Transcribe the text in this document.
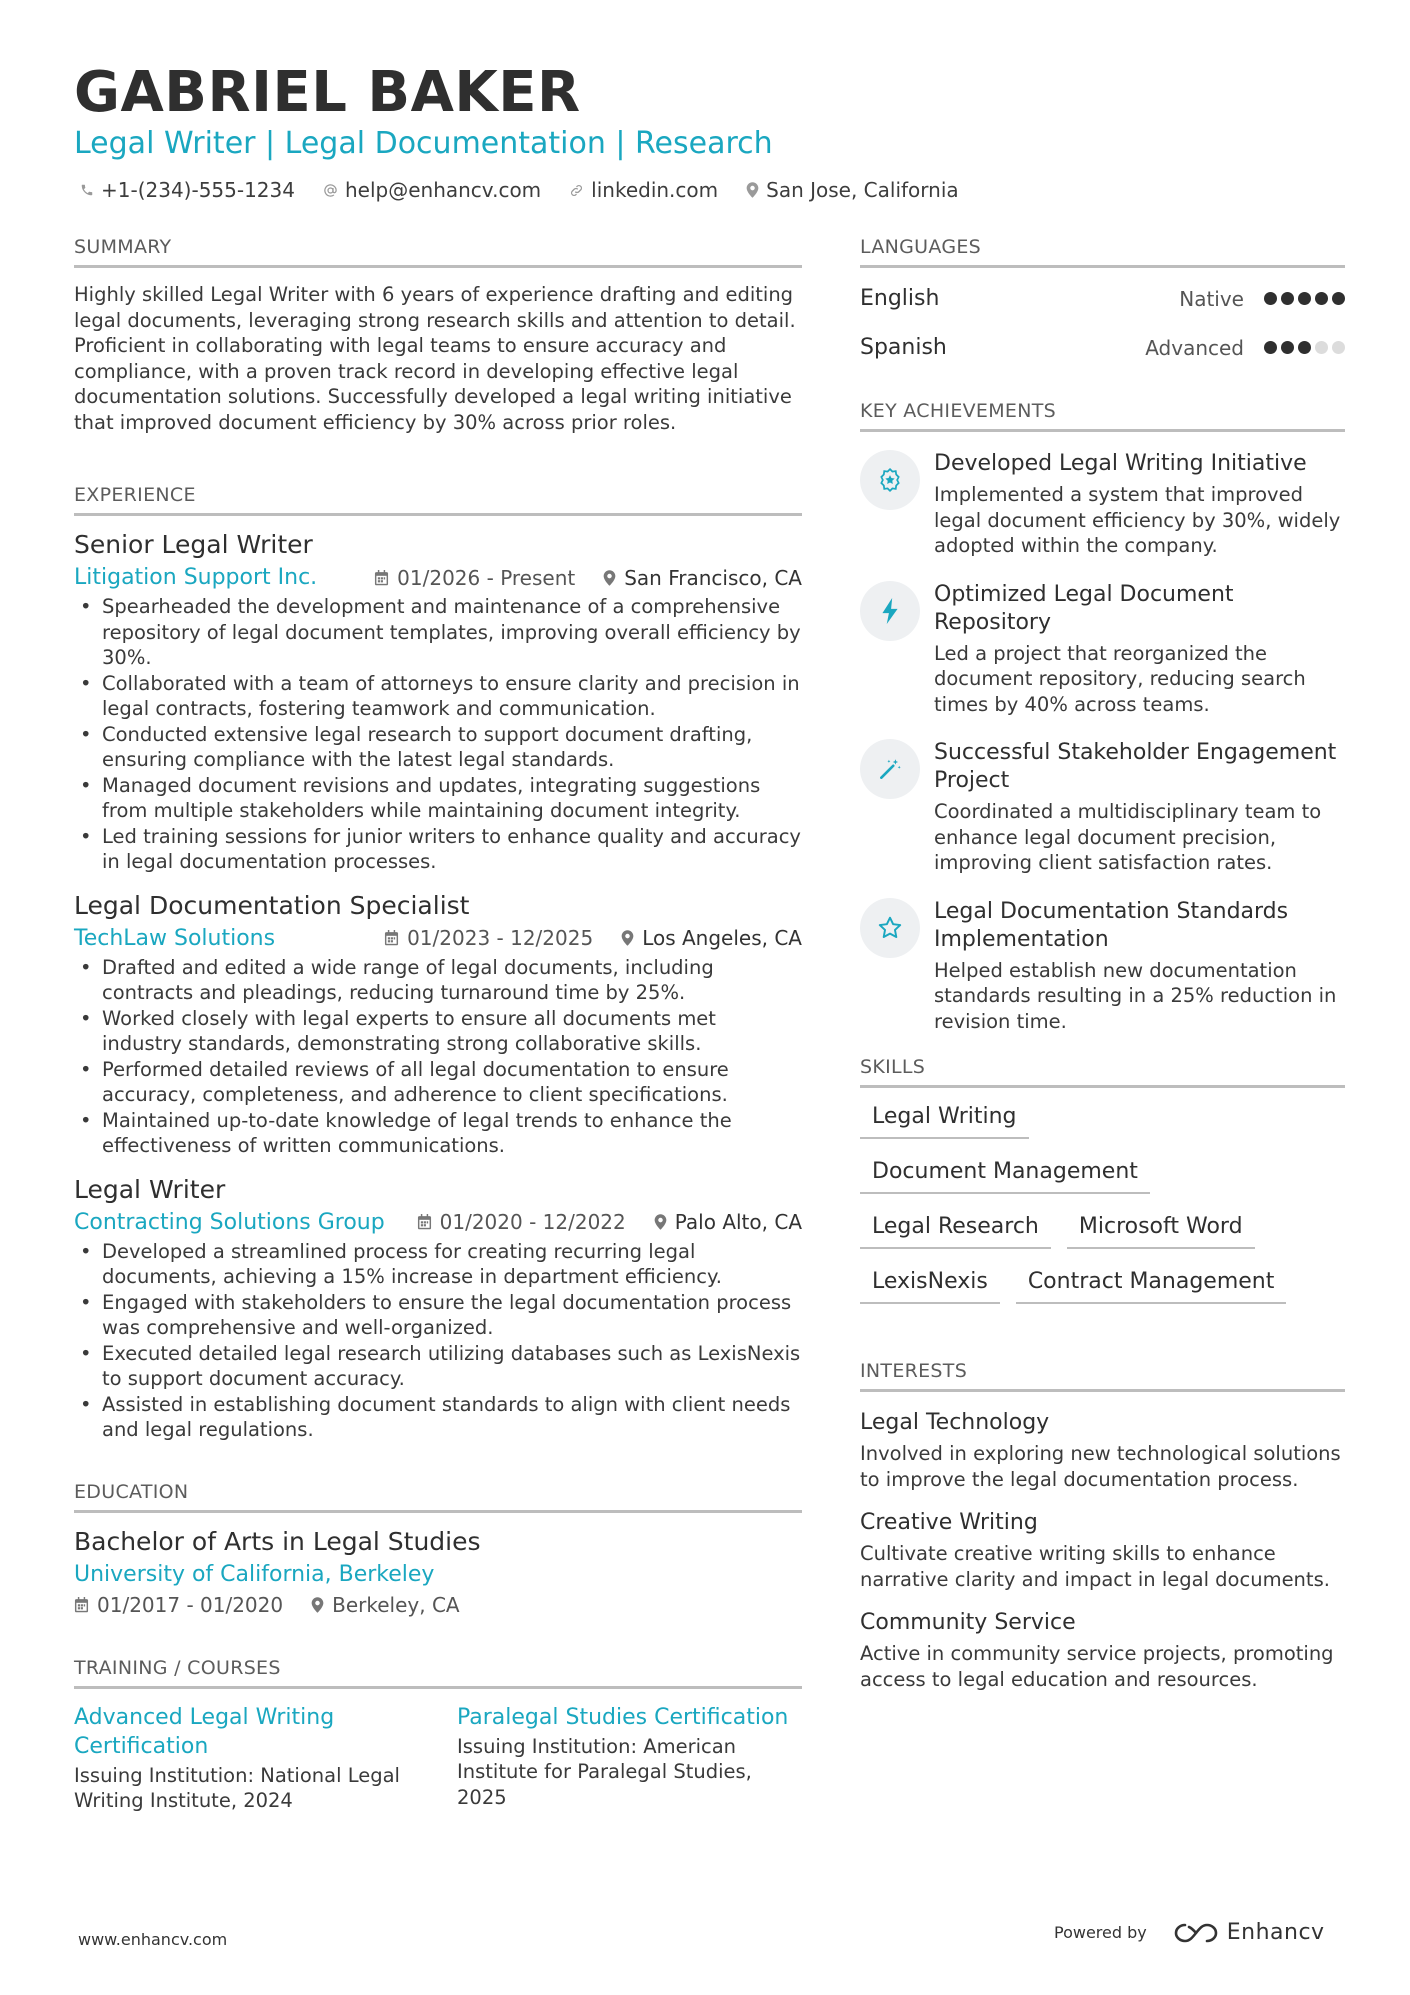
GABRIEL BAKER
Legal Writer | Legal Documentation | Research
+1-(234)-555-1234	help@enhancv.com	linkedin.com San Jose, California
SUMMARY
Highly skilled Legal Writer with 6 years of experience drafting and editing legal documents, leveraging strong research skills and attention to detail. Proficient in collaborating with legal teams to ensure accuracy and compliance, with a proven track record in developing effective legal documentation solutions. Successfully developed a legal writing initiative that improved document efficiency by 30% across prior roles.
EXPERIENCE
Senior Legal Writer
Litigation Support Inc.	01/2026 - Present San Francisco, CA
• Spearheaded the development and maintenance of a comprehensive repository of legal document templates, improving overall efficiency by 30%.
• Collaborated with a team of attorneys to ensure clarity and precision in legal contracts, fostering teamwork and communication.
• Conducted extensive legal research to support document drafting, ensuring compliance with the latest legal standards.
• Managed document revisions and updates, integrating suggestions from multiple stakeholders while maintaining document integrity.
• Led training sessions for junior writers to enhance quality and accuracy in legal documentation processes.
Legal Documentation Specialist
TechLaw Solutions	01/2023 - 12/2025 Los Angeles, CA
• Drafted and edited a wide range of legal documents, including contracts and pleadings, reducing turnaround time by 25%.
• Worked closely with legal experts to ensure all documents met industry standards, demonstrating strong collaborative skills.
• Performed detailed reviews of all legal documentation to ensure accuracy, completeness, and adherence to client specifications.
• Maintained up-to-date knowledge of legal trends to enhance the effectiveness of written communications.
Legal Writer
Contracting Solutions Group	01/2020 - 12/2022 Palo Alto, CA
• Developed a streamlined process for creating recurring legal documents, achieving a 15% increase in department efficiency.
• Engaged with stakeholders to ensure the legal documentation process was comprehensive and well-organized.
• Executed detailed legal research utilizing databases such as LexisNexis to support document accuracy.
• Assisted in establishing document standards to align with client needs and legal regulations.
EDUCATION
Bachelor of Arts in Legal Studies
University of California, Berkeley
01/2017 - 01/2020 Berkeley, CA
TRAINING / COURSES
Advanced Legal Writing Certification
Issuing Institution: National Legal Writing Institute, 2024
Paralegal Studies Certification
Issuing Institution: American Institute for Paralegal Studies, 2025
LANGUAGES
English	Native
Spanish	Advanced
KEY ACHIEVEMENTS
Developed Legal Writing Initiative
Implemented a system that improved legal document efficiency by 30%, widely adopted within the company.
Optimized Legal Document Repository
Led a project that reorganized the document repository, reducing search times by 40% across teams.
Successful Stakeholder Engagement Project
Coordinated a multidisciplinary team to enhance legal document precision, improving client satisfaction rates.
Legal Documentation Standards Implementation
Helped establish new documentation standards resulting in a 25% reduction in revision time.
SKILLS
Legal Writing
Document Management
Legal Research	Microsoft Word
LexisNexis	Contract Management
INTERESTS
Legal Technology
Involved in exploring new technological solutions to improve the legal documentation process.
Creative Writing
Cultivate creative writing skills to enhance narrative clarity and impact in legal documents.
Community Service
Active in community service projects, promoting access to legal education and resources.
www.enhancv.com	Powered by	Enhancv
